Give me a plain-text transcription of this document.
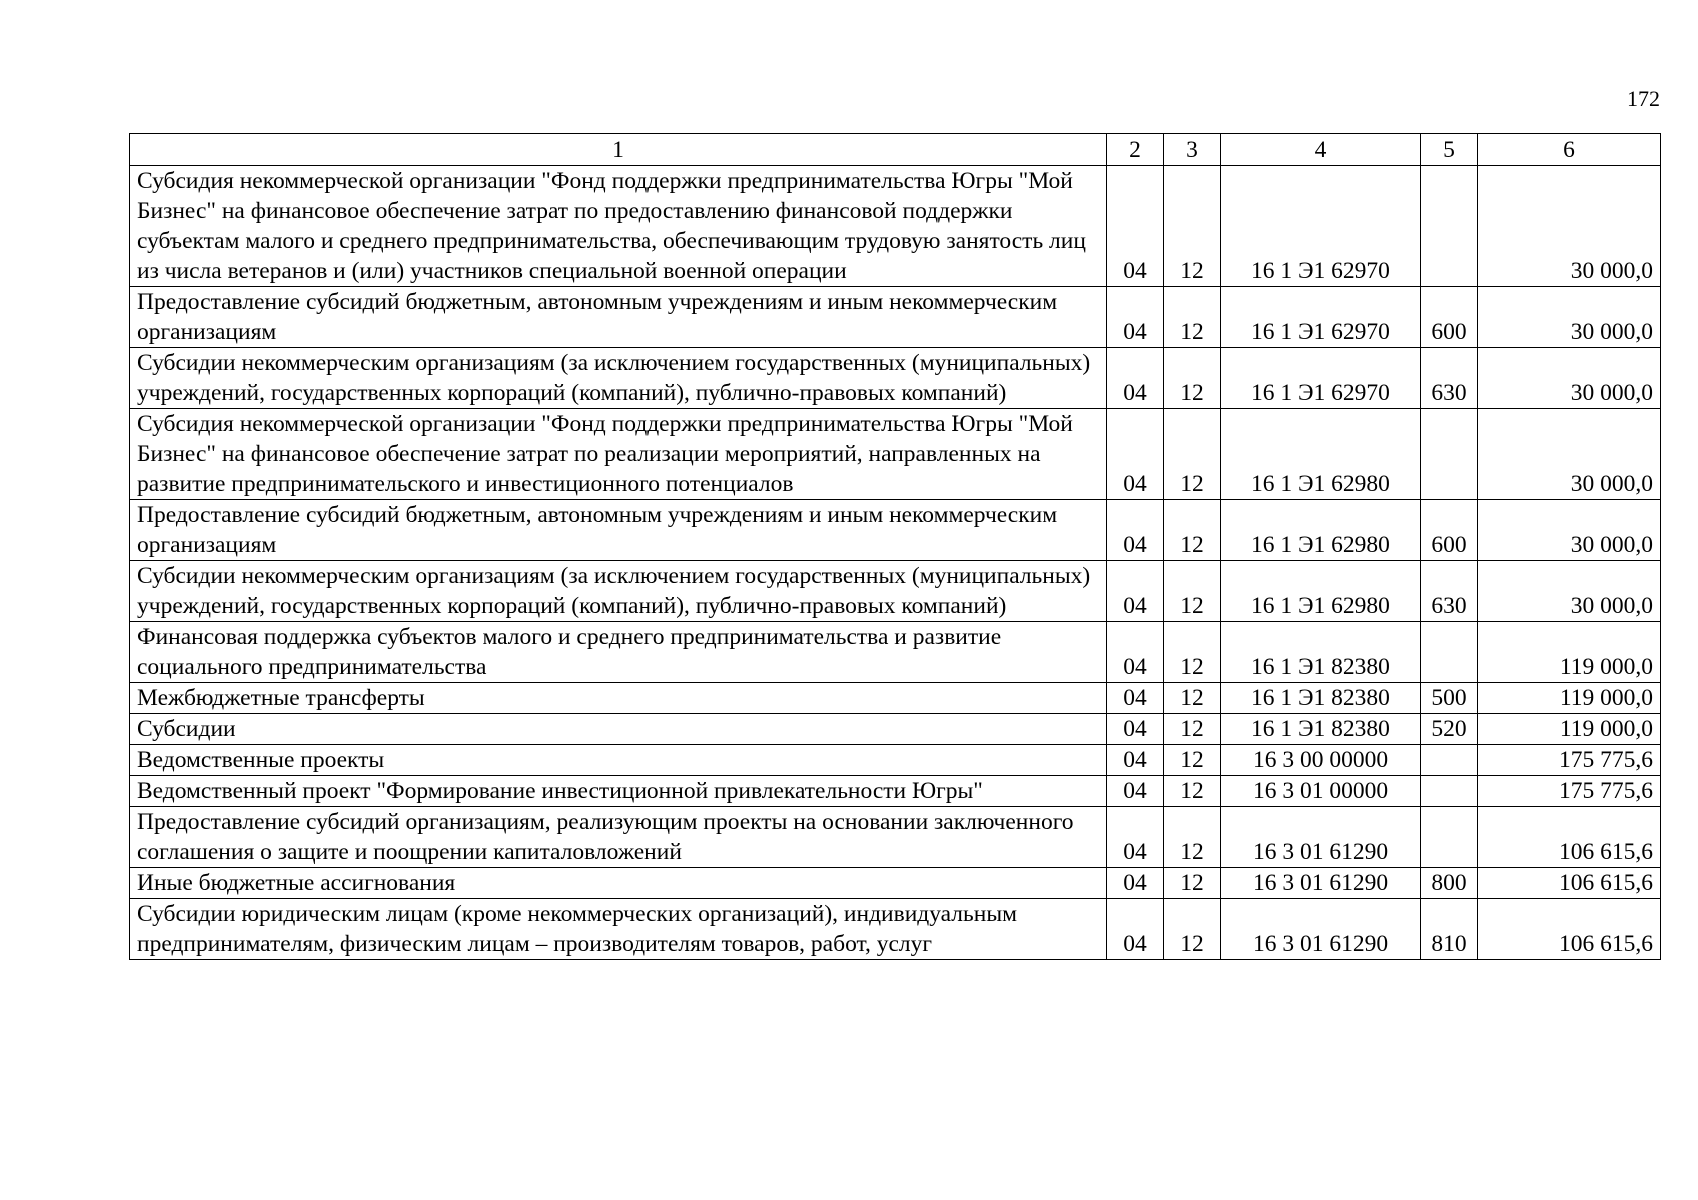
172
1	2	3	4	5	6
Субсидия некоммерческой организации "Фонд поддержки предпринимательства Югры "Мой Бизнес" на финансовое обеспечение затрат по предоставлению финансовой поддержки субъектам малого и среднего предпринимательства, обеспечивающим трудовую занятость лиц из числа ветеранов и (или) участников специальной военной операции	04	12	16 1 Э1 62970		30 000,0
Предоставление субсидий бюджетным, автономным учреждениям и иным некоммерческим организациям	04	12	16 1 Э1 62970	600	30 000,0
Субсидии некоммерческим организациям (за исключением государственных (муниципальных) учреждений, государственных корпораций (компаний), публично-правовых компаний)	04	12	16 1 Э1 62970	630	30 000,0
Субсидия некоммерческой организации "Фонд поддержки предпринимательства Югры "Мой Бизнес" на финансовое обеспечение затрат по реализации мероприятий, направленных на развитие предпринимательского и инвестиционного потенциалов	04	12	16 1 Э1 62980		30 000,0
Предоставление субсидий бюджетным, автономным учреждениям и иным некоммерческим организациям	04	12	16 1 Э1 62980	600	30 000,0
Субсидии некоммерческим организациям (за исключением государственных (муниципальных) учреждений, государственных корпораций (компаний), публично-правовых компаний)	04	12	16 1 Э1 62980	630	30 000,0
Финансовая поддержка субъектов малого и среднего предпринимательства и развитие социального предпринимательства	04	12	16 1 Э1 82380		119 000,0
Межбюджетные трансферты	04	12	16 1 Э1 82380	500	119 000,0
Субсидии	04	12	16 1 Э1 82380	520	119 000,0
Ведомственные проекты	04	12	16 3 00 00000		175 775,6
Ведомственный проект "Формирование инвестиционной привлекательности Югры"	04	12	16 3 01 00000		175 775,6
Предоставление субсидий организациям, реализующим проекты на основании заключенного соглашения о защите и поощрении капиталовложений	04	12	16 3 01 61290		106 615,6
Иные бюджетные ассигнования	04	12	16 3 01 61290	800	106 615,6
Субсидии юридическим лицам (кроме некоммерческих организаций), индивидуальным предпринимателям, физическим лицам – производителям товаров, работ, услуг	04	12	16 3 01 61290	810	106 615,6
